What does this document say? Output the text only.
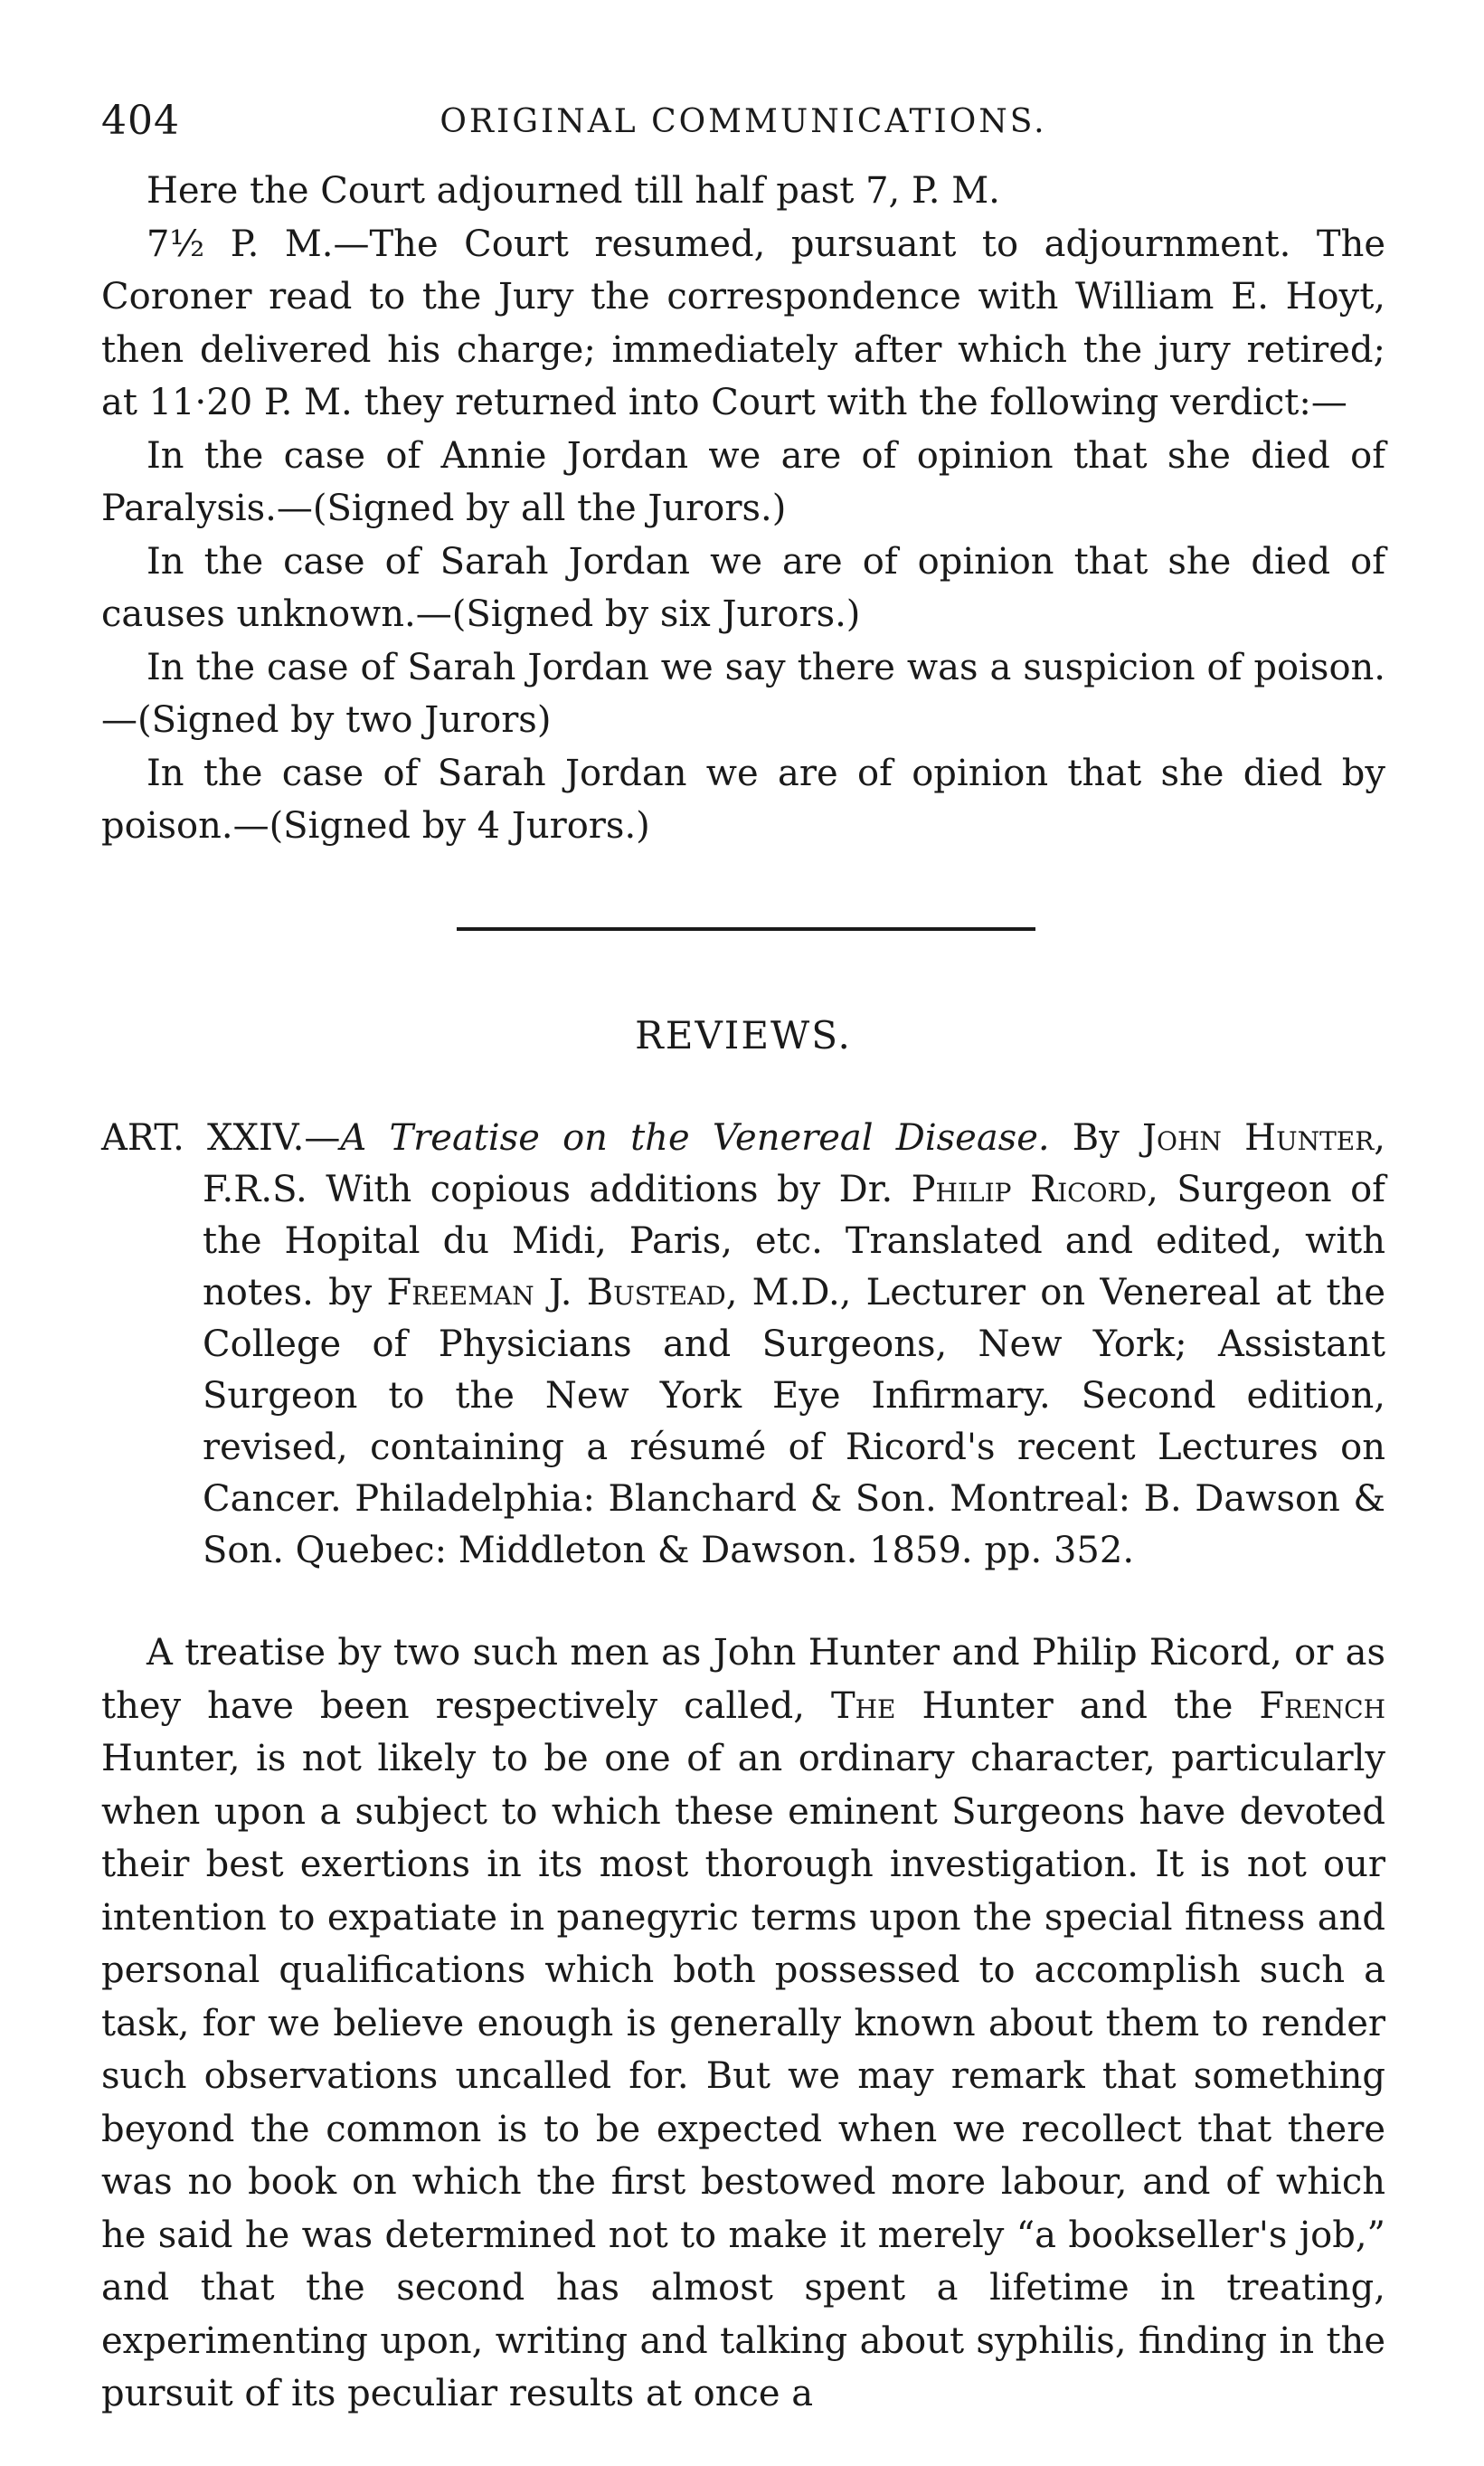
404	ORIGINAL COMMUNICATIONS.

Here the Court adjourned till half past 7, P. M.

7½ P. M.—The Court resumed, pursuant to adjournment. The Coroner read to the Jury the correspondence with William E. Hoyt, then delivered his charge; immediately after which the jury retired; at 11·20 P. M. they returned into Court with the following verdict:—

In the case of Annie Jordan we are of opinion that she died of Paralysis.—(Signed by all the Jurors.)

In the case of Sarah Jordan we are of opinion that she died of causes unknown.—(Signed by six Jurors.)

In the case of Sarah Jordan we say there was a suspicion of poison.—(Signed by two Jurors)

In the case of Sarah Jordan we are of opinion that she died by poison.—(Signed by 4 Jurors.)

REVIEWS.

ART. XXIV.—A Treatise on the Venereal Disease. By John Hunter, F.R.S. With copious additions by Dr. Philip Ricord, Surgeon of the Hopital du Midi, Paris, etc. Translated and edited, with notes. by Freeman J. Bustead, M.D., Lecturer on Venereal at the College of Physicians and Surgeons, New York; Assistant Surgeon to the New York Eye Infirmary. Second edition, revised, containing a résumé of Ricord's recent Lectures on Cancer. Philadelphia: Blanchard & Son. Montreal: B. Dawson & Son. Quebec: Middleton & Dawson. 1859. pp. 352.

A treatise by two such men as John Hunter and Philip Ricord, or as they have been respectively called, The Hunter and the French Hunter, is not likely to be one of an ordinary character, particularly when upon a subject to which these eminent Surgeons have devoted their best exertions in its most thorough investigation. It is not our intention to expatiate in panegyric terms upon the special fitness and personal qualifications which both possessed to accomplish such a task, for we believe enough is generally known about them to render such observations uncalled for. But we may remark that something beyond the common is to be expected when we recollect that there was no book on which the first bestowed more labour, and of which he said he was determined not to make it merely “a bookseller's job,” and that the second has almost spent a lifetime in treating, experimenting upon, writing and talking about syphilis, finding in the pursuit of its peculiar results at once a
